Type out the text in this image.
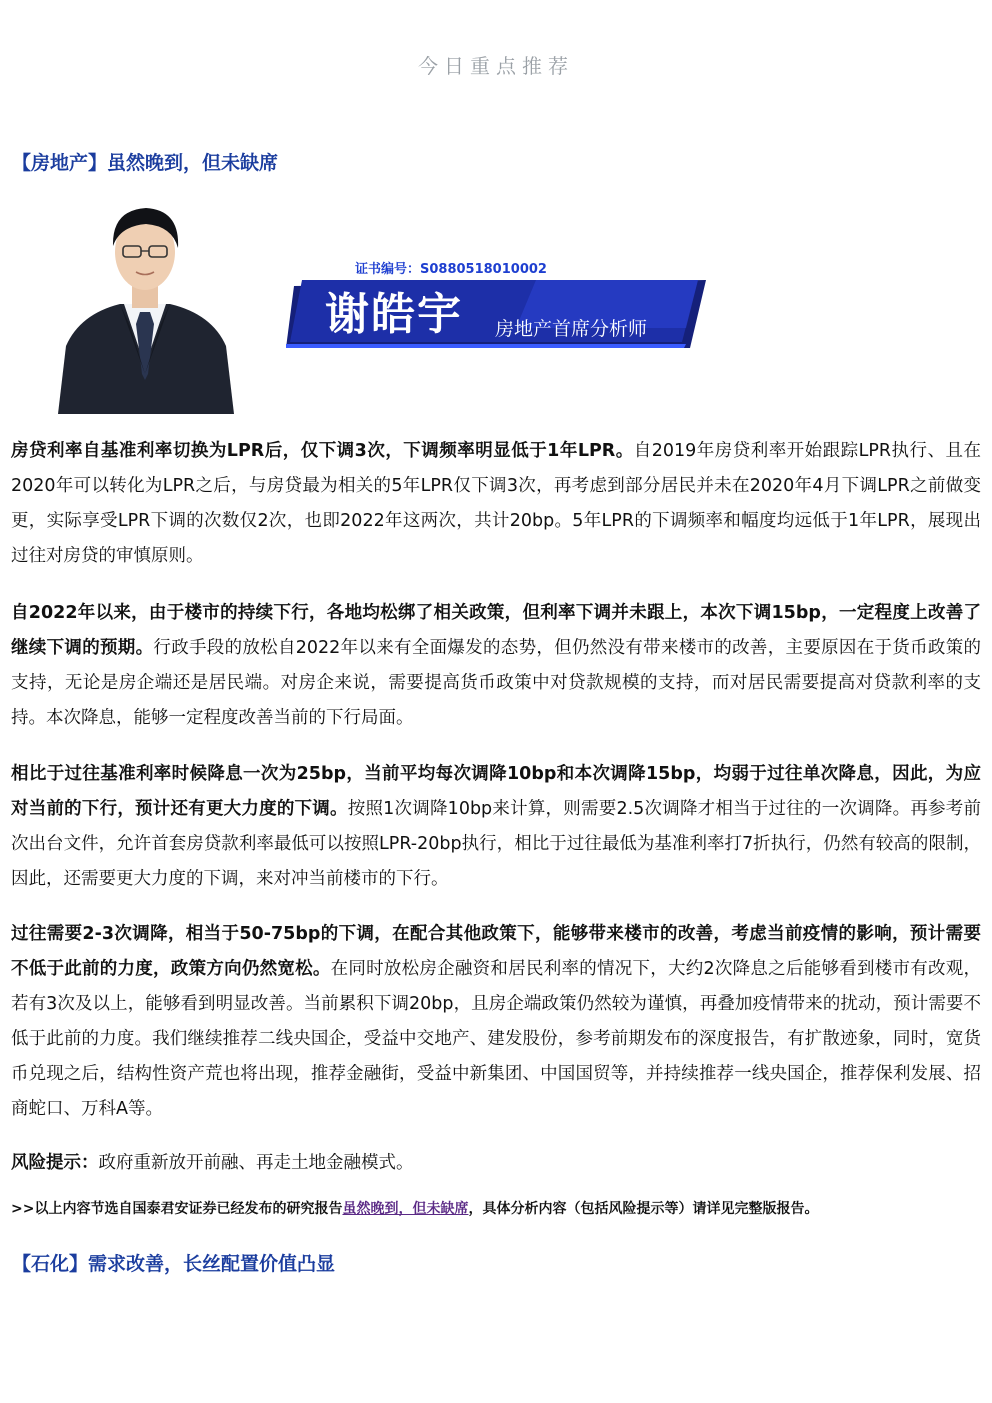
今日重点推荐
【房地产】虽然晚到，但未缺席
证书编号：S0880518010002
谢皓宇 房地产首席分析师

房贷利率自基准利率切换为LPR后，仅下调3次，下调频率明显低于1年LPR。自2019年房贷利率开始跟踪LPR执行、且在2020年可以转化为LPR之后，与房贷最为相关的5年LPR仅下调3次，再考虑到部分居民并未在2020年4月下调LPR之前做变更，实际享受LPR下调的次数仅2次，也即2022年这两次，共计20bp。5年LPR的下调频率和幅度均远低于1年LPR，展现出过往对房贷的审慎原则。

自2022年以来，由于楼市的持续下行，各地均松绑了相关政策，但利率下调并未跟上，本次下调15bp，一定程度上改善了继续下调的预期。行政手段的放松自2022年以来有全面爆发的态势，但仍然没有带来楼市的改善，主要原因在于货币政策的支持，无论是房企端还是居民端。对房企来说，需要提高货币政策中对贷款规模的支持，而对居民需要提高对贷款利率的支持。本次降息，能够一定程度改善当前的下行局面。

相比于过往基准利率时候降息一次为25bp，当前平均每次调降10bp和本次调降15bp，均弱于过往单次降息，因此，为应对当前的下行，预计还有更大力度的下调。按照1次调降10bp来计算，则需要2.5次调降才相当于过往的一次调降。再参考前次出台文件，允许首套房贷款利率最低可以按照LPR-20bp执行，相比于过往最低为基准利率打7折执行，仍然有较高的限制，因此，还需要更大力度的下调，来对冲当前楼市的下行。

过往需要2-3次调降，相当于50-75bp的下调，在配合其他政策下，能够带来楼市的改善，考虑当前疫情的影响，预计需要不低于此前的力度，政策方向仍然宽松。在同时放松房企融资和居民利率的情况下，大约2次降息之后能够看到楼市有改观，若有3次及以上，能够看到明显改善。当前累积下调20bp，且房企端政策仍然较为谨慎，再叠加疫情带来的扰动，预计需要不低于此前的力度。我们继续推荐二线央国企，受益中交地产、建发股份，参考前期发布的深度报告，有扩散迹象，同时，宽货币兑现之后，结构性资产荒也将出现，推荐金融街，受益中新集团、中国国贸等，并持续推荐一线央国企，推荐保利发展、招商蛇口、万科A等。

风险提示：政府重新放开前融、再走土地金融模式。

>>以上内容节选自国泰君安证券已经发布的研究报告虽然晚到，但未缺席，具体分析内容（包括风险提示等）请详见完整版报告。
【石化】需求改善，长丝配置价值凸显
